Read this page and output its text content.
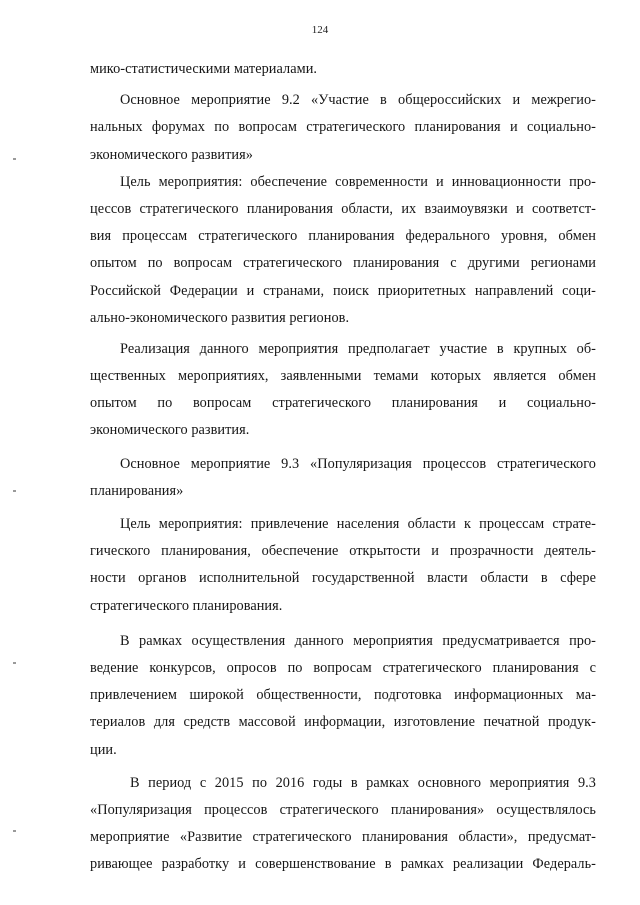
124
мико-статистическими материалами.
Основное мероприятие 9.2 «Участие в общероссийских и межрегио-
нальных форумах по вопросам стратегического планирования и социально-
экономического развития»
Цель мероприятия: обеспечение современности и инновационности про-
цессов стратегического планирования области, их взаимоувязки и соответст-
вия процессам стратегического планирования федерального уровня, обмен
опытом по вопросам стратегического планирования с другими регионами
Российской Федерации и странами, поиск приоритетных направлений соци-
ально-экономического развития регионов.
Реализация данного мероприятия предполагает участие в крупных об-
щественных мероприятиях, заявленными темами которых является обмен
опытом по вопросам стратегического планирования и социально-
экономического развития.
Основное мероприятие 9.3 «Популяризация процессов стратегического
планирования»
Цель мероприятия: привлечение населения области к процессам страте-
гического планирования, обеспечение открытости и прозрачности деятель-
ности органов исполнительной государственной власти области в сфере
стратегического планирования.
В рамках осуществления данного мероприятия предусматривается про-
ведение конкурсов, опросов по вопросам стратегического планирования с
привлечением широкой общественности, подготовка информационных ма-
териалов для средств массовой информации, изготовление печатной продук-
ции.
В период с 2015 по 2016 годы в рамках основного мероприятия 9.3
«Популяризация процессов стратегического планирования» осуществлялось
мероприятие «Развитие стратегического планирования области», предусмат-
ривающее разработку и совершенствование в рамках реализации Федераль-
